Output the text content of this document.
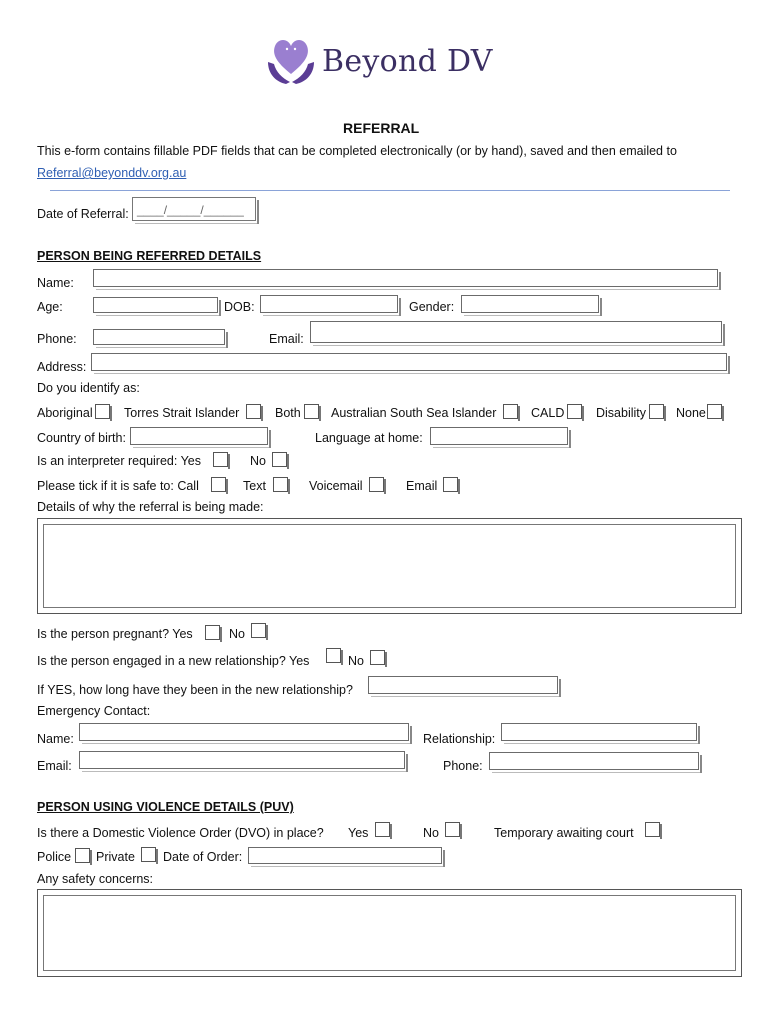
Beyond DV
REFERRAL
This e-form contains fillable PDF fields that can be completed electronically (or by hand), saved and then emailed to
Referral@beyonddv.org.au
Date of Referral: ____/_____/______
PERSON BEING REFERRED DETAILS
Name:
Age:	DOB:	Gender:
Phone:	Email:
Address:
Do you identify as:
Aboriginal	Torres Strait Islander	Both Australian South Sea Islander	CALD	Disability None
Country of birth:	Language at home:
Is an interpreter required: Yes	No
Please tick if it is safe to: Call	Text	Voicemail	Email
Details of why the referral is being made:
Is the person pregnant? Yes	No
Is the person engaged in a new relationship? Yes	No
If YES, how long have they been in the new relationship?
Emergency Contact:
Name:	Relationship:
Email:	Phone:
PERSON USING VIOLENCE DETAILS (PUV)
Is there a Domestic Violence Order (DVO) in place? Yes	No	Temporary awaiting court
Police Private Date of Order:
Any safety concerns:
